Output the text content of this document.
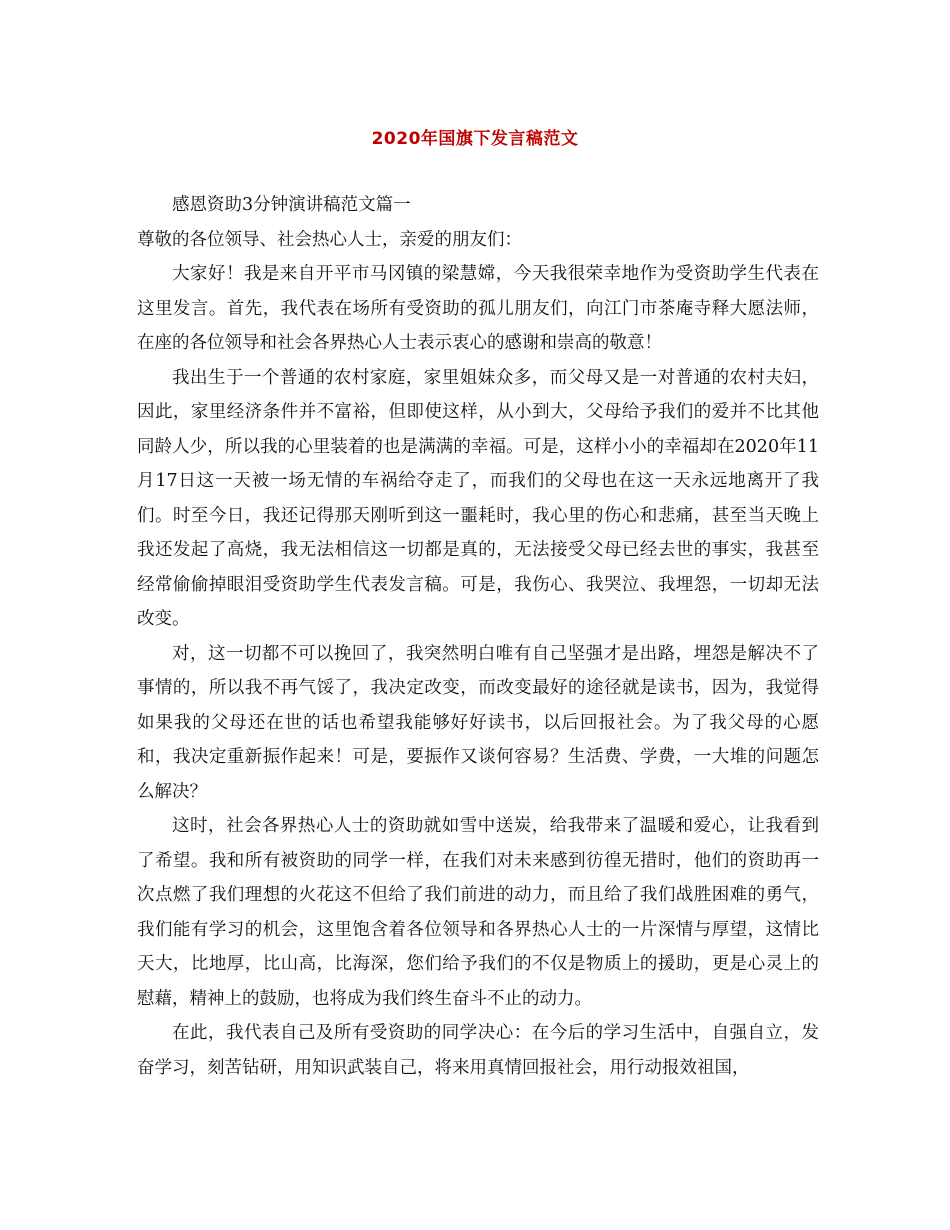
2020年国旗下发言稿范文

感恩资助3分钟演讲稿范文篇一

尊敬的各位领导、社会热心人士，亲爱的朋友们：

大家好！我是来自开平市马冈镇的梁慧嫦，今天我很荣幸地作为受资助学生代表在这里发言。首先，我代表在场所有受资助的孤儿朋友们，向江门市茶庵寺释大愿法师，在座的各位领导和社会各界热心人士表示衷心的感谢和崇高的敬意！

我出生于一个普通的农村家庭，家里姐妹众多，而父母又是一对普通的农村夫妇，因此，家里经济条件并不富裕，但即使这样，从小到大，父母给予我们的爱并不比其他同龄人少，所以我的心里装着的也是满满的幸福。可是，这样小小的幸福却在2020年11月17日这一天被一场无情的车祸给夺走了，而我们的父母也在这一天永远地离开了我们。时至今日，我还记得那天刚听到这一噩耗时，我心里的伤心和悲痛，甚至当天晚上我还发起了高烧，我无法相信这一切都是真的，无法接受父母已经去世的事实，我甚至经常偷偷掉眼泪受资助学生代表发言稿。可是，我伤心、我哭泣、我埋怨，一切却无法改变。

对，这一切都不可以挽回了，我突然明白唯有自己坚强才是出路，埋怨是解决不了事情的，所以我不再气馁了，我决定改变，而改变最好的途径就是读书，因为，我觉得如果我的父母还在世的话也希望我能够好好读书，以后回报社会。为了我父母的心愿和，我决定重新振作起来！可是，要振作又谈何容易？生活费、学费，一大堆的问题怎么解决？

这时，社会各界热心人士的资助就如雪中送炭，给我带来了温暖和爱心，让我看到了希望。我和所有被资助的同学一样，在我们对未来感到彷徨无措时，他们的资助再一次点燃了我们理想的火花这不但给了我们前进的动力，而且给了我们战胜困难的勇气，我们能有学习的机会，这里饱含着各位领导和各界热心人士的一片深情与厚望，这情比天大，比地厚，比山高，比海深，您们给予我们的不仅是物质上的援助，更是心灵上的慰藉，精神上的鼓励，也将成为我们终生奋斗不止的动力。

在此，我代表自己及所有受资助的同学决心：在今后的学习生活中，自强自立，发奋学习，刻苦钻研，用知识武装自己，将来用真情回报社会，用行动报效祖国，
